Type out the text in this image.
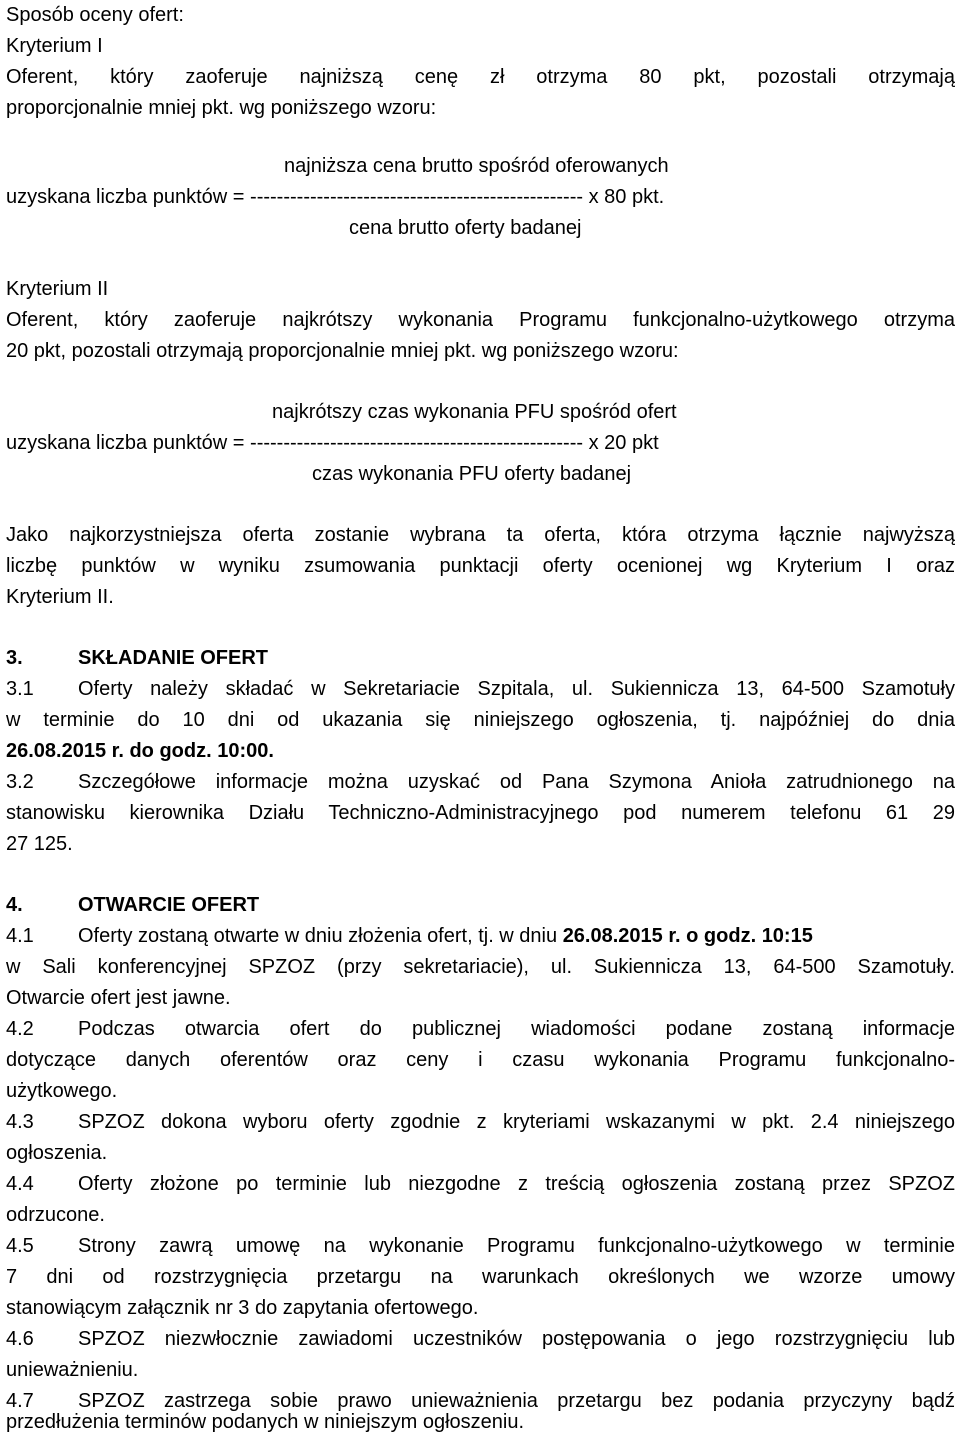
Sposób oceny ofert:
Kryterium I
Oferent, który zaoferuje najniższą cenę zł otrzyma 80 pkt, pozostali otrzymają
proporcjonalnie mniej pkt. wg poniższego wzoru:
najniższa cena brutto spośród oferowanych
uzyskana liczba punktów = -------------------------------------------------- x 80 pkt.
cena brutto oferty badanej
Kryterium II
Oferent, który zaoferuje najkrótszy wykonania Programu funkcjonalno-użytkowego otrzyma
20 pkt, pozostali otrzymają proporcjonalnie mniej pkt. wg poniższego wzoru:
najkrótszy czas wykonania PFU spośród ofert
uzyskana liczba punktów = -------------------------------------------------- x 20 pkt
czas wykonania PFU oferty badanej
Jako najkorzystniejsza oferta zostanie wybrana ta oferta, która otrzyma łącznie najwyższą
liczbę punktów w wyniku zsumowania punktacji oferty ocenionej wg Kryterium I oraz
Kryterium II.
3.	SKŁADANIE OFERT
3.1 Oferty należy składać w Sekretariacie Szpitala, ul. Sukiennicza 13, 64-500 Szamotuły
w terminie do 10 dni od ukazania się niniejszego ogłoszenia, tj. najpóźniej do dnia
26.08.2015 r. do godz. 10:00.
3.2 Szczegółowe informacje można uzyskać od Pana Szymona Anioła zatrudnionego na
stanowisku kierownika Działu Techniczno-Administracyjnego pod numerem telefonu 61 29
27 125.
4.	OTWARCIE OFERT
4.1 Oferty zostaną otwarte w dniu złożenia ofert, tj. w dniu 26.08.2015 r. o godz. 10:15
w Sali konferencyjnej SPZOZ (przy sekretariacie), ul. Sukiennicza 13, 64-500 Szamotuły.
Otwarcie ofert jest jawne.
4.2 Podczas otwarcia ofert do publicznej wiadomości podane zostaną informacje
dotyczące danych oferentów oraz ceny i czasu wykonania Programu funkcjonalno-
użytkowego.
4.3 SPZOZ dokona wyboru oferty zgodnie z kryteriami wskazanymi w pkt. 2.4 niniejszego
ogłoszenia.
4.4 Oferty złożone po terminie lub niezgodne z treścią ogłoszenia zostaną przez SPZOZ
odrzucone.
4.5 Strony zawrą umowę na wykonanie Programu funkcjonalno-użytkowego w terminie
7 dni od rozstrzygnięcia przetargu na warunkach określonych we wzorze umowy
stanowiącym załącznik nr 3 do zapytania ofertowego.
4.6 SPZOZ niezwłocznie zawiadomi uczestników postępowania o jego rozstrzygnięciu lub
unieważnieniu.
4.7 SPZOZ zastrzega sobie prawo unieważnienia przetargu bez podania przyczyny bądź
przedłużenia terminów podanych w niniejszym ogłoszeniu.
